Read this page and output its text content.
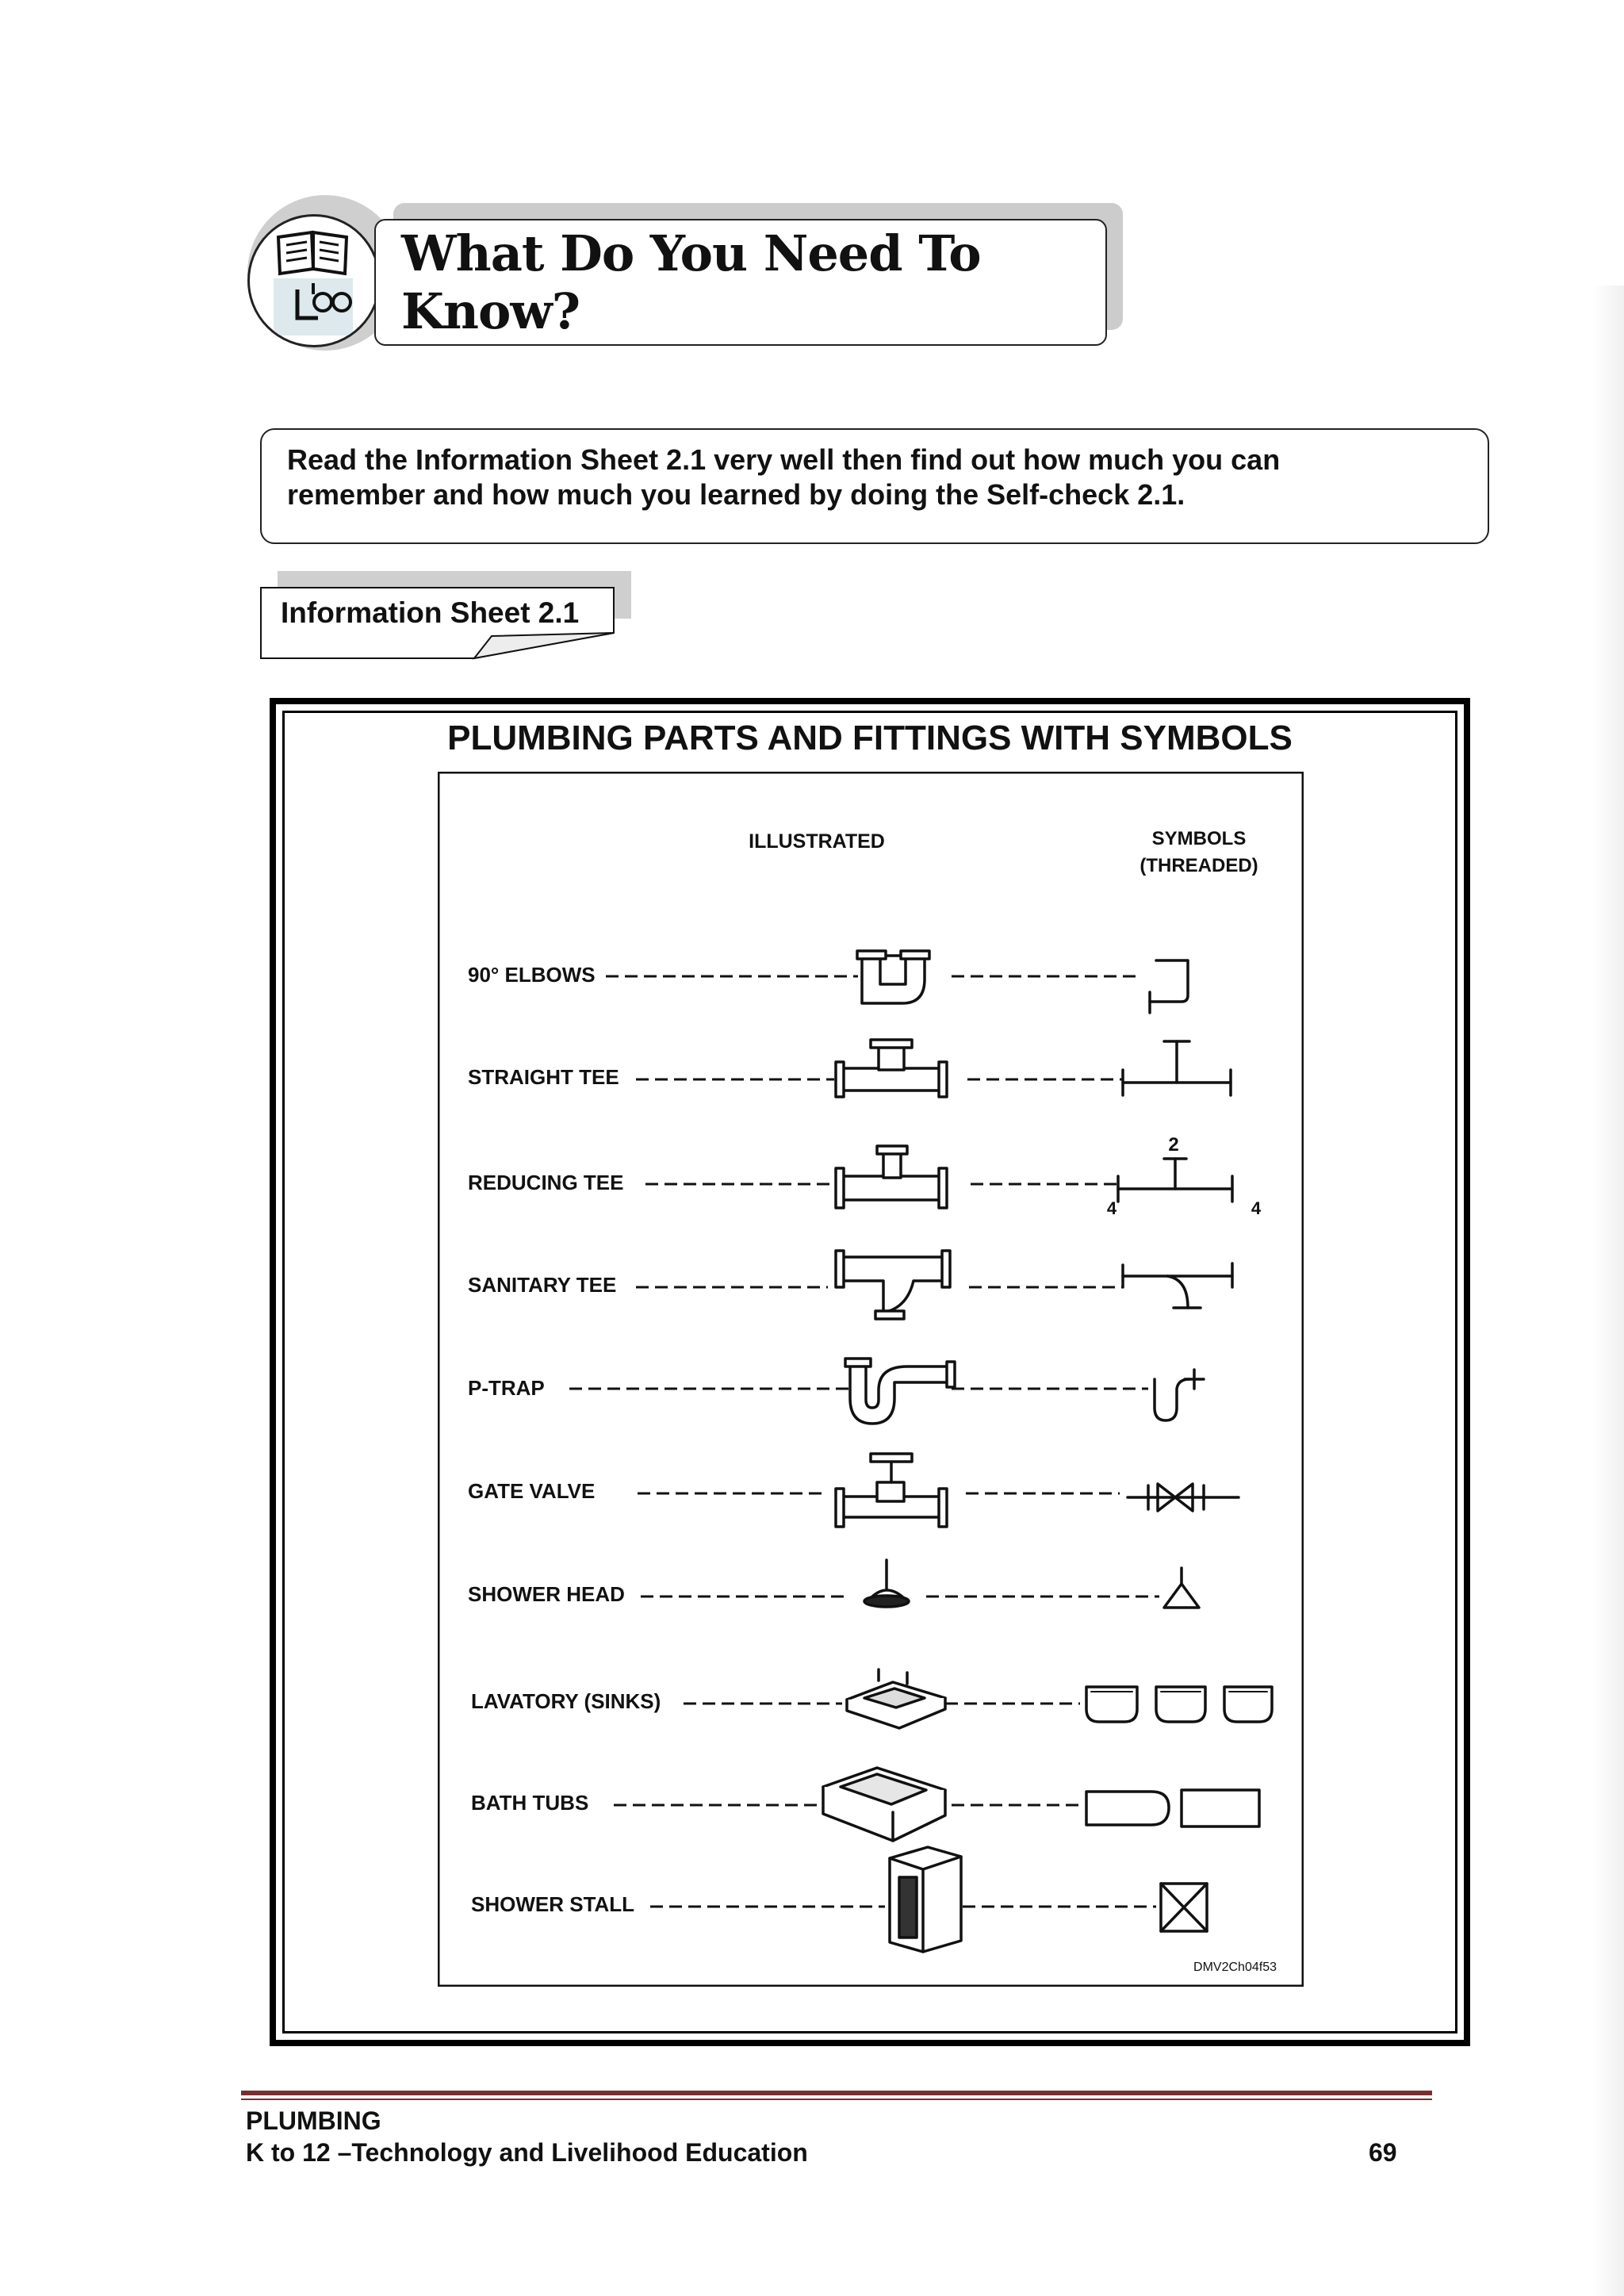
What Do You Need To Know?

Read the Information Sheet 2.1 very well then find out how much you can
remember and how much you learned by doing the Self-check 2.1.

Information Sheet 2.1
PLUMBING PARTS AND FITTINGS WITH SYMBOLS
ILLUSTRATED	SYMBOLS
(THREADED)
90° ELBOWS
STRAIGHT TEE
REDUCING TEE
SANITARY TEE
P-TRAP
GATE VALVE
SHOWER HEAD
LAVATORY (SINKS)
BATH TUBS
SHOWER STALL
2
4	4
DMV2Ch04f53
PLUMBING
K to 12 –Technology and Livelihood Education	69
